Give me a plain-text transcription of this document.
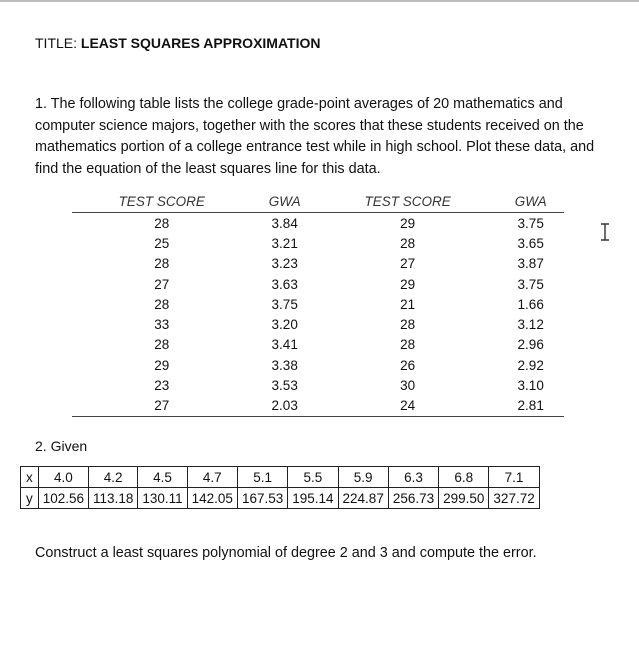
TITLE: LEAST SQUARES APPROXIMATION
1. The following table lists the college grade-point averages of 20 mathematics and computer science majors, together with the scores that these students received on the mathematics portion of a college entrance test while in high school. Plot these data, and find the equation of the least squares line for this data.
TEST SCORE	GWA	TEST SCORE	GWA
28	3.84	29	3.75
25	3.21	28	3.65
28	3.23	27	3.87
27	3.63	29	3.75
28	3.75	21	1.66
33	3.20	28	3.12
28	3.41	28	2.96
29	3.38	26	2.92
23	3.53	30	3.10
27	2.03	24	2.81
2. Given
x	4.0	4.2	4.5	4.7	5.1	5.5	5.9	6.3	6.8	7.1
y	102.56	113.18	130.11	142.05	167.53	195.14	224.87	256.73	299.50	327.72
Construct a least squares polynomial of degree 2 and 3 and compute the error.
